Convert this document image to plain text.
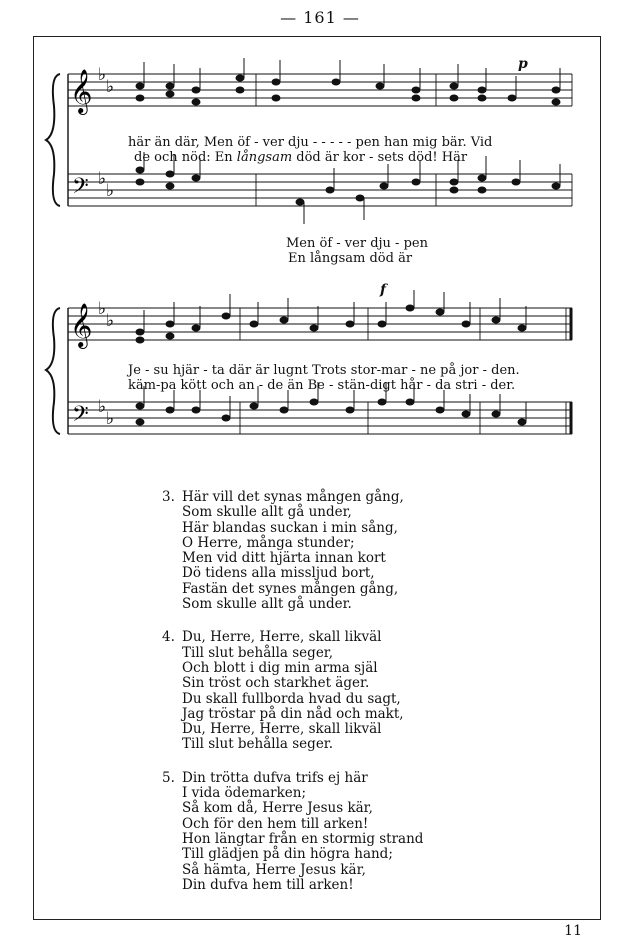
— 161 —
𝄞
𝄢
♭
♭
♭
♭
p
här än där, Men öf - ver dju - - - - - pen han mig bär. Vid
de och nöd: En långsam död är kor - sets död! Här
Men öf - ver dju - pen
En långsam död är
𝄞
𝄢
♭
♭
♭
♭
f
Je - su hjär - ta där är lugnt Trots stor-mar - ne på jor - den.
käm-pa kött och an - de än Be - stän-digt hår - da stri - der.
3. Här vill det synas mången gång,
Som skulle allt gå under,
Här blandas suckan i min sång,
O Herre, många stunder;
Men vid ditt hjärta innan kort
Dö tidens alla missljud bort,
Fastän det synes mången gång,
Som skulle allt gå under.
4. Du, Herre, Herre, skall likväl
Till slut behålla seger,
Och blott i dig min arma själ
Sin tröst och starkhet äger.
Du skall fullborda hvad du sagt,
Jag tröstar på din nåd och makt,
Du, Herre, Herre, skall likväl
Till slut behålla seger.
5. Din trötta dufva trifs ej här
I vida ödemarken;
Så kom då, Herre Jesus kär,
Och för den hem till arken!
Hon längtar från en stormig strand
Till glädjen på din högra hand;
Så hämta, Herre Jesus kär,
Din dufva hem till arken!
11
